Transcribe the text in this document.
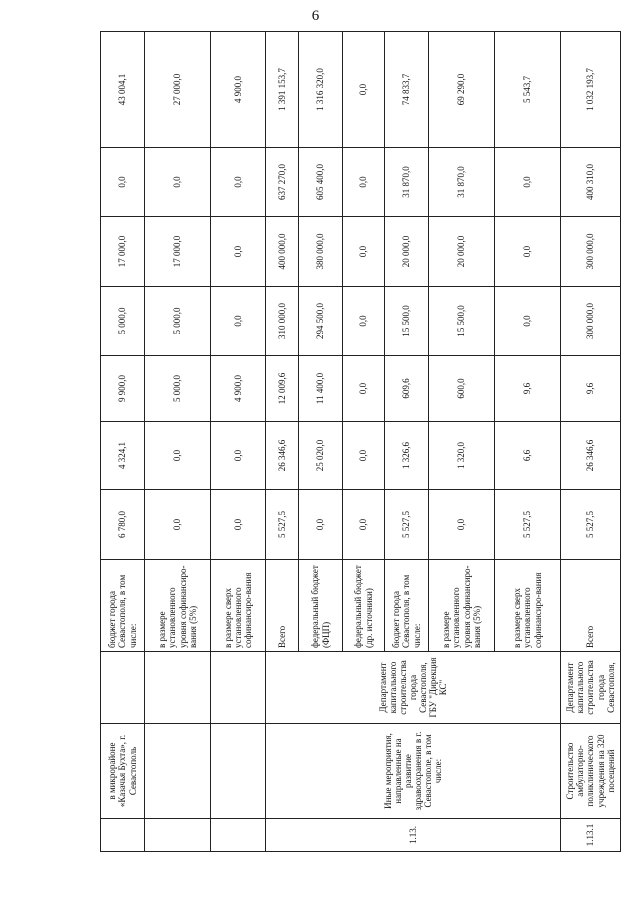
6
	в микрорайоне «Казачья Бухта», г. Севастополь		бюджет города Севастополя, в том числе:	6 780,0	4 324,1	9 900,0	5 000,0	17 000,0	0,0	43 004,1
			в размере установленного уровня софинансиро-вания (5%)	0,0	0,0	5 000,0	5 000,0	17 000,0	0,0	27 000,0
			в размере сверх установленного софинансиро-вания	0,0	0,0	4 900,0	0,0	0,0	0,0	4 900,0
1.13.	Иные мероприятия, направленные на развитие здравоохранения в г. Севастополе, в том числе:	Департамент капитального строительства города Севастополя, ГБУ "Дирекция КС"	Всего	5 527,5	26 346,6	12 009,6	310 000,0	400 000,0	637 270,0	1 391 153,7
			федеральный бюджет (ФЦП)	0,0	25 020,0	11 400,0	294 500,0	380 000,0	605 400,0	1 316 320,0
			федеральный бюджет (др. источники)	0,0	0,0	0,0	0,0	0,0	0,0	0,0
			бюджет города Севастополя, в том числе:	5 527,5	1 326,6	609,6	15 500,0	20 000,0	31 870,0	74 833,7
			в размере установленного уровня софинансиро-вания (5%)	0,0	1 320,0	600,0	15 500,0	20 000,0	31 870,0	69 290,0
			в размере сверх установленного софинансиро-вания	5 527,5	6,6	9,6	0,0	0,0	0,0	5 543,7
1.13.1	Строительство амбулаторно-поликлинического учреждения на 320 посещений	Департамент капитального строительства города Севастополя,	Всего	5 527,5	26 346,6	9,6	300 000,0	300 000,0	400 310,0	1 032 193,7
